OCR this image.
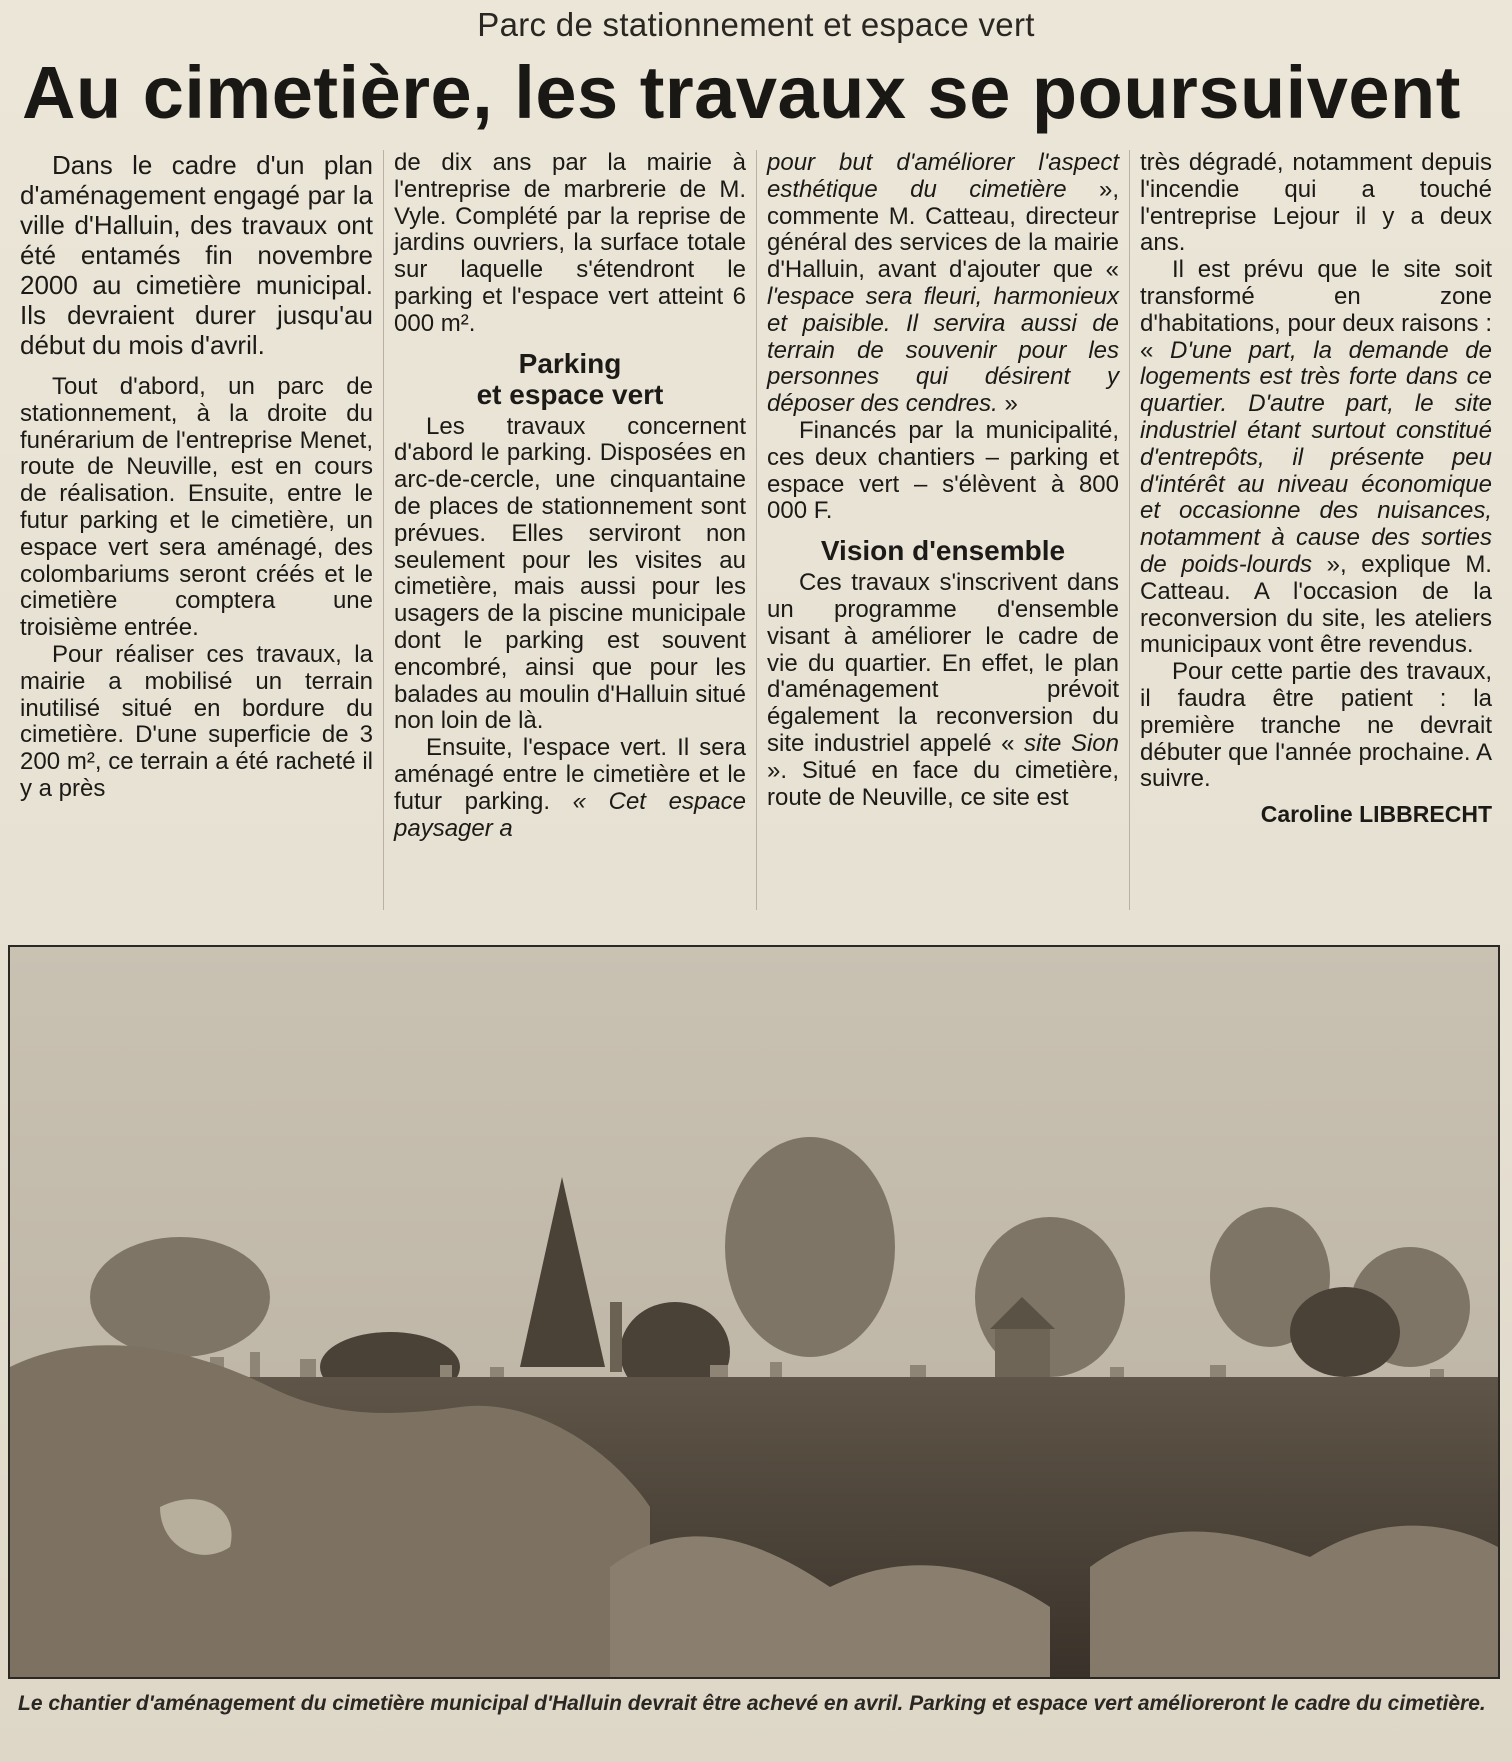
Parc de stationnement et espace vert
Au cimetière, les travaux se poursuivent

Dans le cadre d'un plan d'aménagement engagé par la ville d'Halluin, des travaux ont été entamés fin novembre 2000 au cimetière municipal. Ils devraient durer jusqu'au début du mois d'avril.

Tout d'abord, un parc de stationnement, à la droite du funérarium de l'entreprise Menet, route de Neuville, est en cours de réalisation. Ensuite, entre le futur parking et le cimetière, un espace vert sera aménagé, des colombariums seront créés et le cimetière comptera une troisième entrée.

Pour réaliser ces travaux, la mairie a mobilisé un terrain inutilisé situé en bordure du cimetière. D'une superficie de 3 200 m², ce terrain a été racheté il y a près

de dix ans par la mairie à l'entreprise de marbrerie de M. Vyle. Complété par la reprise de jardins ouvriers, la surface totale sur laquelle s'étendront le parking et l'espace vert atteint 6 000 m².

Parking
et espace vert

Les travaux concernent d'abord le parking. Disposées en arc-de-cercle, une cinquantaine de places de stationnement sont prévues. Elles serviront non seulement pour les visites au cimetière, mais aussi pour les usagers de la piscine municipale dont le parking est souvent encombré, ainsi que pour les balades au moulin d'Halluin situé non loin de là.

Ensuite, l'espace vert. Il sera aménagé entre le cimetière et le futur parking. « Cet espace paysager a

pour but d'améliorer l'aspect esthétique du cimetière », commente M. Catteau, directeur général des services de la mairie d'Halluin, avant d'ajouter que « l'espace sera fleuri, harmonieux et paisible. Il servira aussi de terrain de souvenir pour les personnes qui désirent y déposer des cendres. »

Financés par la municipalité, ces deux chantiers – parking et espace vert – s'élèvent à 800 000 F.

Vision d'ensemble

Ces travaux s'inscrivent dans un programme d'ensemble visant à améliorer le cadre de vie du quartier. En effet, le plan d'aménagement prévoit également la reconversion du site industriel appelé « site Sion ». Situé en face du cimetière, route de Neuville, ce site est

très dégradé, notamment depuis l'incendie qui a touché l'entreprise Lejour il y a deux ans.

Il est prévu que le site soit transformé en zone d'habitations, pour deux raisons : « D'une part, la demande de logements est très forte dans ce quartier. D'autre part, le site industriel étant surtout constitué d'entrepôts, il présente peu d'intérêt au niveau économique et occasionne des nuisances, notamment à cause des sorties de poids-lourds », explique M. Catteau. A l'occasion de la reconversion du site, les ateliers municipaux vont être revendus.

Pour cette partie des travaux, il faudra être patient : la première tranche ne devrait débuter que l'année prochaine. A suivre.

Caroline LIBBRECHT
Le chantier d'aménagement du cimetière municipal d'Halluin devrait être achevé en avril. Parking et espace vert amélioreront le cadre du cimetière.
